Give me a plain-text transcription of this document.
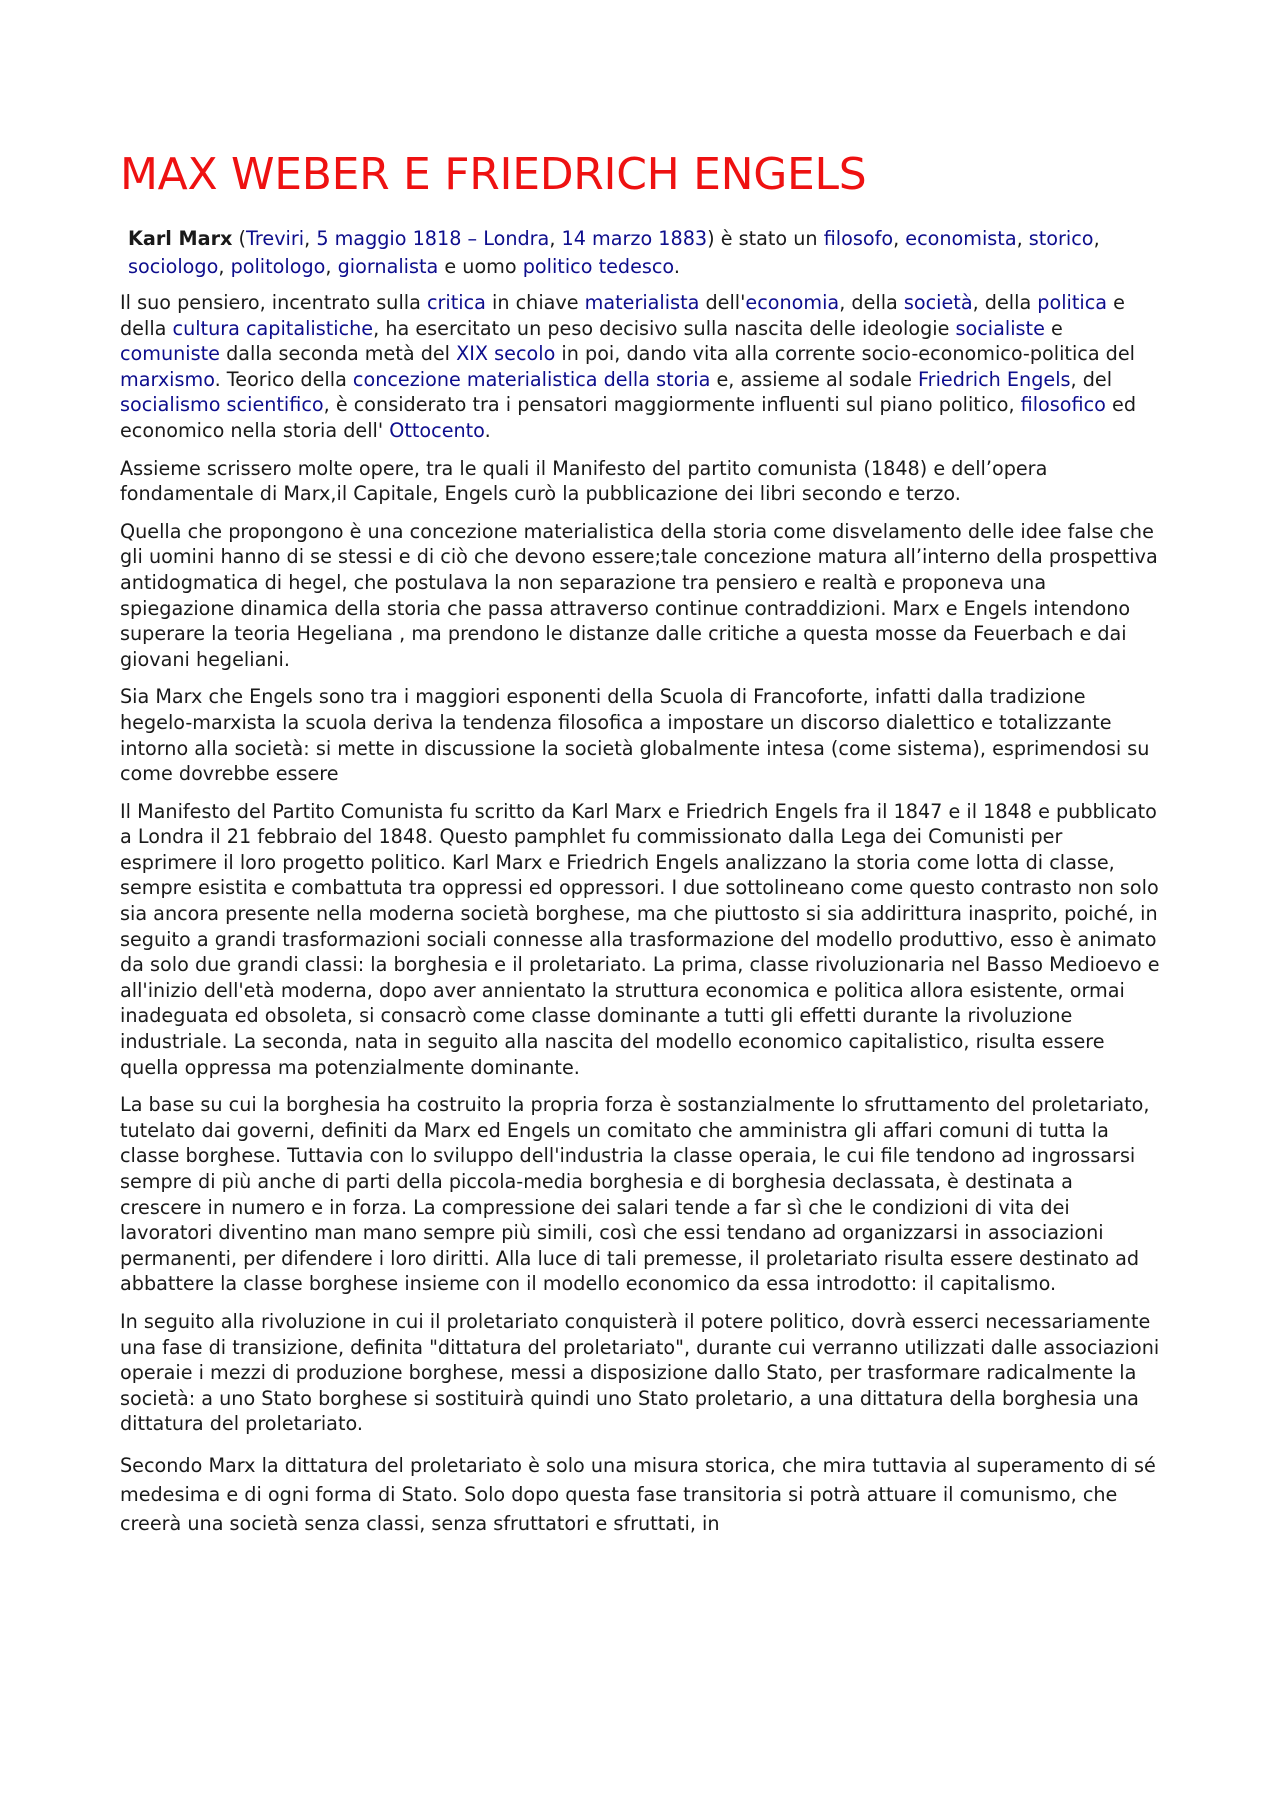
MAX WEBER E FRIEDRICH ENGELS

Karl Marx (Treviri, 5 maggio 1818 – Londra, 14 marzo 1883) è stato un filosofo, economista, storico, sociologo, politologo, giornalista e uomo politico tedesco.

Il suo pensiero, incentrato sulla critica in chiave materialista dell'economia, della società, della politica e della cultura capitalistiche, ha esercitato un peso decisivo sulla nascita delle ideologie socialiste e comuniste dalla seconda metà del XIX secolo in poi, dando vita alla corrente socio-economico-politica del marxismo. Teorico della concezione materialistica della storia e, assieme al sodale Friedrich Engels, del socialismo scientifico, è considerato tra i pensatori maggiormente influenti sul piano politico, filosofico ed economico nella storia dell' Ottocento.

Assieme scrissero molte opere, tra le quali il Manifesto del partito comunista (1848) e dell’opera fondamentale di Marx,il Capitale, Engels curò la pubblicazione dei libri secondo e terzo.

Quella che propongono è una concezione materialistica della storia come disvelamento delle idee false che gli uomini hanno di se stessi e di ciò che devono essere;tale concezione matura all’interno della prospettiva antidogmatica di hegel, che postulava la non separazione tra pensiero e realtà e proponeva una spiegazione dinamica della storia che passa attraverso continue contraddizioni. Marx e Engels intendono superare la teoria Hegeliana , ma prendono le distanze dalle critiche a questa mosse da Feuerbach e dai giovani hegeliani.

Sia Marx che Engels sono tra i maggiori esponenti della Scuola di Francoforte, infatti dalla tradizione hegelo-marxista la scuola deriva la tendenza filosofica a impostare un discorso dialettico e totalizzante intorno alla società: si mette in discussione la società globalmente intesa (come sistema), esprimendosi su come dovrebbe essere

Il Manifesto del Partito Comunista fu scritto da Karl Marx e Friedrich Engels fra il 1847 e il 1848 e pubblicato a Londra il 21 febbraio del 1848. Questo pamphlet fu commissionato dalla Lega dei Comunisti per esprimere il loro progetto politico. Karl Marx e Friedrich Engels analizzano la storia come lotta di classe, sempre esistita e combattuta tra oppressi ed oppressori. I due sottolineano come questo contrasto non solo sia ancora presente nella moderna società borghese, ma che piuttosto si sia addirittura inasprito, poiché, in seguito a grandi trasformazioni sociali connesse alla trasformazione del modello produttivo, esso è animato da solo due grandi classi: la borghesia e il proletariato. La prima, classe rivoluzionaria nel Basso Medioevo e all'inizio dell'età moderna, dopo aver annientato la struttura economica e politica allora esistente, ormai inadeguata ed obsoleta, si consacrò come classe dominante a tutti gli effetti durante la rivoluzione industriale. La seconda, nata in seguito alla nascita del modello economico capitalistico, risulta essere quella oppressa ma potenzialmente dominante.

La base su cui la borghesia ha costruito la propria forza è sostanzialmente lo sfruttamento del proletariato, tutelato dai governi, definiti da Marx ed Engels un comitato che amministra gli affari comuni di tutta la classe borghese. Tuttavia con lo sviluppo dell'industria la classe operaia, le cui file tendono ad ingrossarsi sempre di più anche di parti della piccola-media borghesia e di borghesia declassata, è destinata a crescere in numero e in forza. La compressione dei salari tende a far sì che le condizioni di vita dei lavoratori diventino man mano sempre più simili, così che essi tendano ad organizzarsi in associazioni permanenti, per difendere i loro diritti. Alla luce di tali premesse, il proletariato risulta essere destinato ad abbattere la classe borghese insieme con il modello economico da essa introdotto: il capitalismo.

In seguito alla rivoluzione in cui il proletariato conquisterà il potere politico, dovrà esserci necessariamente una fase di transizione, definita "dittatura del proletariato", durante cui verranno utilizzati dalle associazioni operaie i mezzi di produzione borghese, messi a disposizione dallo Stato, per trasformare radicalmente la società: a uno Stato borghese si sostituirà quindi uno Stato proletario, a una dittatura della borghesia una dittatura del proletariato.

Secondo Marx la dittatura del proletariato è solo una misura storica, che mira tuttavia al superamento di sé medesima e di ogni forma di Stato. Solo dopo questa fase transitoria si potrà attuare il comunismo, che creerà una società senza classi, senza sfruttatori e sfruttati, in
